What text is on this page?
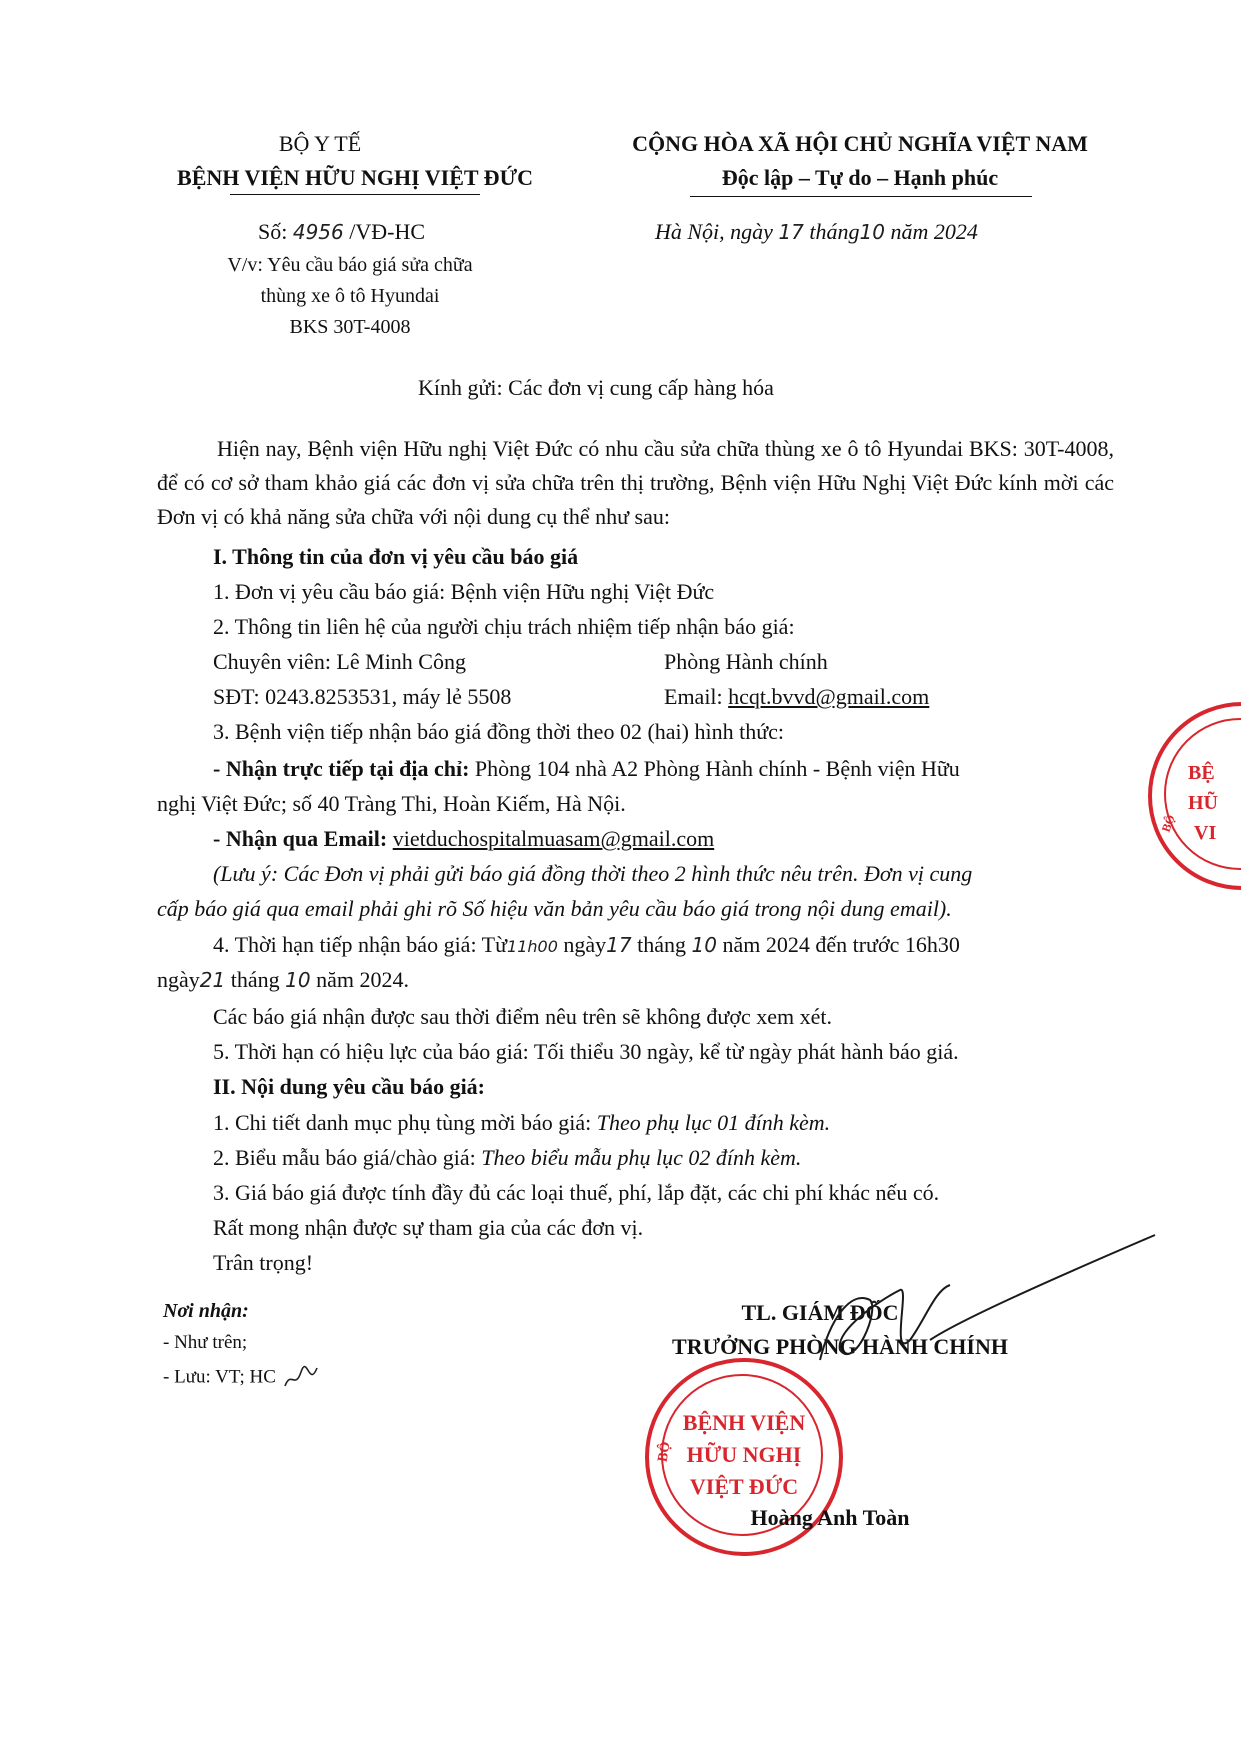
BỘ Y TẾ
BỆNH VIỆN HỮU NGHỊ VIỆT ĐỨC
Số: 4956 /VĐ-HC
V/v: Yêu cầu báo giá sửa chữa
thùng xe ô tô Hyundai
BKS 30T-4008
CỘNG HÒA XÃ HỘI CHỦ NGHĨA VIỆT NAM
Độc lập – Tự do – Hạnh phúc
Hà Nội, ngày 17 tháng10 năm 2024
Kính gửi: Các đơn vị cung cấp hàng hóa
Hiện nay, Bệnh viện Hữu nghị Việt Đức có nhu cầu sửa chữa thùng xe ô tô Hyundai BKS: 30T-4008, để có cơ sở tham khảo giá các đơn vị sửa chữa trên thị trường, Bệnh viện Hữu Nghị Việt Đức kính mời các Đơn vị có khả năng sửa chữa với nội dung cụ thể như sau:
I. Thông tin của đơn vị yêu cầu báo giá
1. Đơn vị yêu cầu báo giá: Bệnh viện Hữu nghị Việt Đức
2. Thông tin liên hệ của người chịu trách nhiệm tiếp nhận báo giá:
Chuyên viên: Lê Minh Công	Phòng Hành chính
SĐT: 0243.8253531, máy lẻ 5508	Email: hcqt.bvvd@gmail.com
3. Bệnh viện tiếp nhận báo giá đồng thời theo 02 (hai) hình thức:
- Nhận trực tiếp tại địa chỉ: Phòng 104 nhà A2 Phòng Hành chính - Bệnh viện Hữu
nghị Việt Đức; số 40 Tràng Thi, Hoàn Kiếm, Hà Nội.
- Nhận qua Email: vietduchospitalmuasam@gmail.com
(Lưu ý: Các Đơn vị phải gửi báo giá đồng thời theo 2 hình thức nêu trên. Đơn vị cung
cấp báo giá qua email phải ghi rõ Số hiệu văn bản yêu cầu báo giá trong nội dung email).
4. Thời hạn tiếp nhận báo giá: Từ11h00 ngày17 tháng 10 năm 2024 đến trước 16h30
ngày21 tháng 10 năm 2024.
Các báo giá nhận được sau thời điểm nêu trên sẽ không được xem xét.
5. Thời hạn có hiệu lực của báo giá: Tối thiểu 30 ngày, kể từ ngày phát hành báo giá.
II. Nội dung yêu cầu báo giá:
1. Chi tiết danh mục phụ tùng mời báo giá: Theo phụ lục 01 đính kèm.
2. Biểu mẫu báo giá/chào giá: Theo biểu mẫu phụ lục 02 đính kèm.
3. Giá báo giá được tính đầy đủ các loại thuế, phí, lắp đặt, các chi phí khác nếu có.
Rất mong nhận được sự tham gia của các đơn vị.
Trân trọng!
Nơi nhận:
- Như trên;
- Lưu: VT; HC
TL. GIÁM ĐỐC
TRƯỞNG PHÒNG HÀNH CHÍNH
BỆNH VIỆN
HỮU NGHỊ
VIỆT ĐỨC
BỘ
Hoàng Anh Toàn
BỆ
HŨ
VI
BỘ
